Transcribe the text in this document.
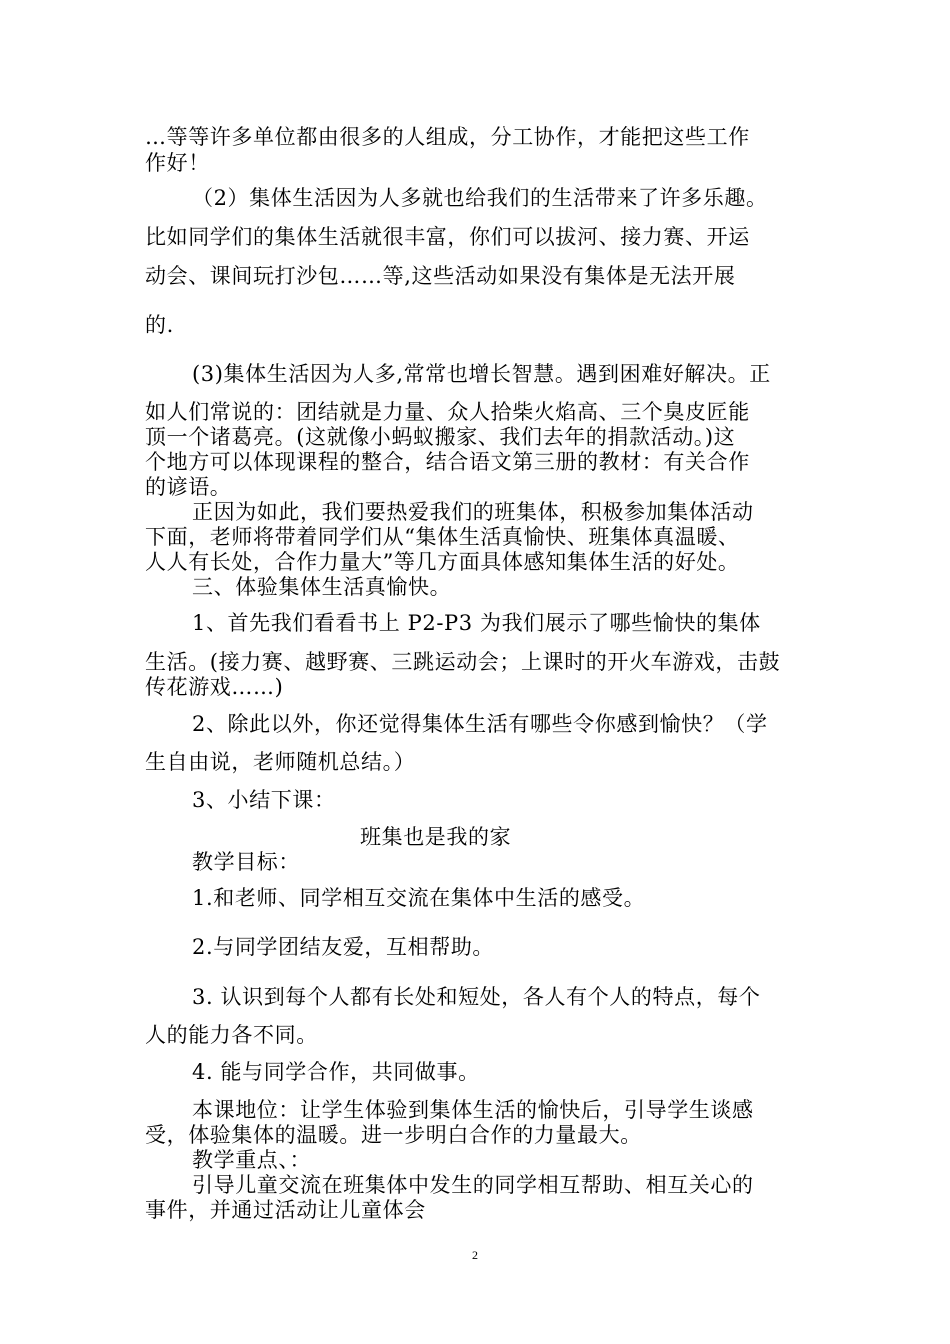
…等等许多单位都由很多的人组成，分工协作，才能把这些工作
作好！
（2）集体生活因为人多就也给我们的生活带来了许多乐趣。
比如同学们的集体生活就很丰富，你们可以拔河、接力赛、开运
动会、课间玩打沙包……等,这些活动如果没有集体是无法开展
的.
(3)集体生活因为人多,常常也增长智慧。遇到困难好解决。正
如人们常说的：团结就是力量、众人拾柴火焰高、三个臭皮匠能
顶一个诸葛亮。(这就像小蚂蚁搬家、我们去年的捐款活动。)这
个地方可以体现课程的整合，结合语文第三册的教材：有关合作
的谚语。
正因为如此，我们要热爱我们的班集体，积极参加集体活动
下面，老师将带着同学们从“集体生活真愉快、班集体真温暖、
人人有长处，合作力量大”等几方面具体感知集体生活的好处。
三、体验集体生活真愉快。
1、首先我们看看书上 P2-P3 为我们展示了哪些愉快的集体
生活。(接力赛、越野赛、三跳运动会；上课时的开火车游戏，击鼓
传花游戏……)
2、除此以外，你还觉得集体生活有哪些令你感到愉快？（学
生自由说，老师随机总结。）
3、小结下课：
班集也是我的家
教学目标：
1.和老师、同学相互交流在集体中生活的感受。
2.与同学团结友爱，互相帮助。
3. 认识到每个人都有长处和短处，各人有个人的特点，每个
人的能力各不同。
4. 能与同学合作，共同做事。
本课地位：让学生体验到集体生活的愉快后，引导学生谈感
受，体验集体的温暖。进一步明白合作的力量最大。
教学重点、：
引导儿童交流在班集体中发生的同学相互帮助、相互关心的
事件，并通过活动让儿童体会
2
